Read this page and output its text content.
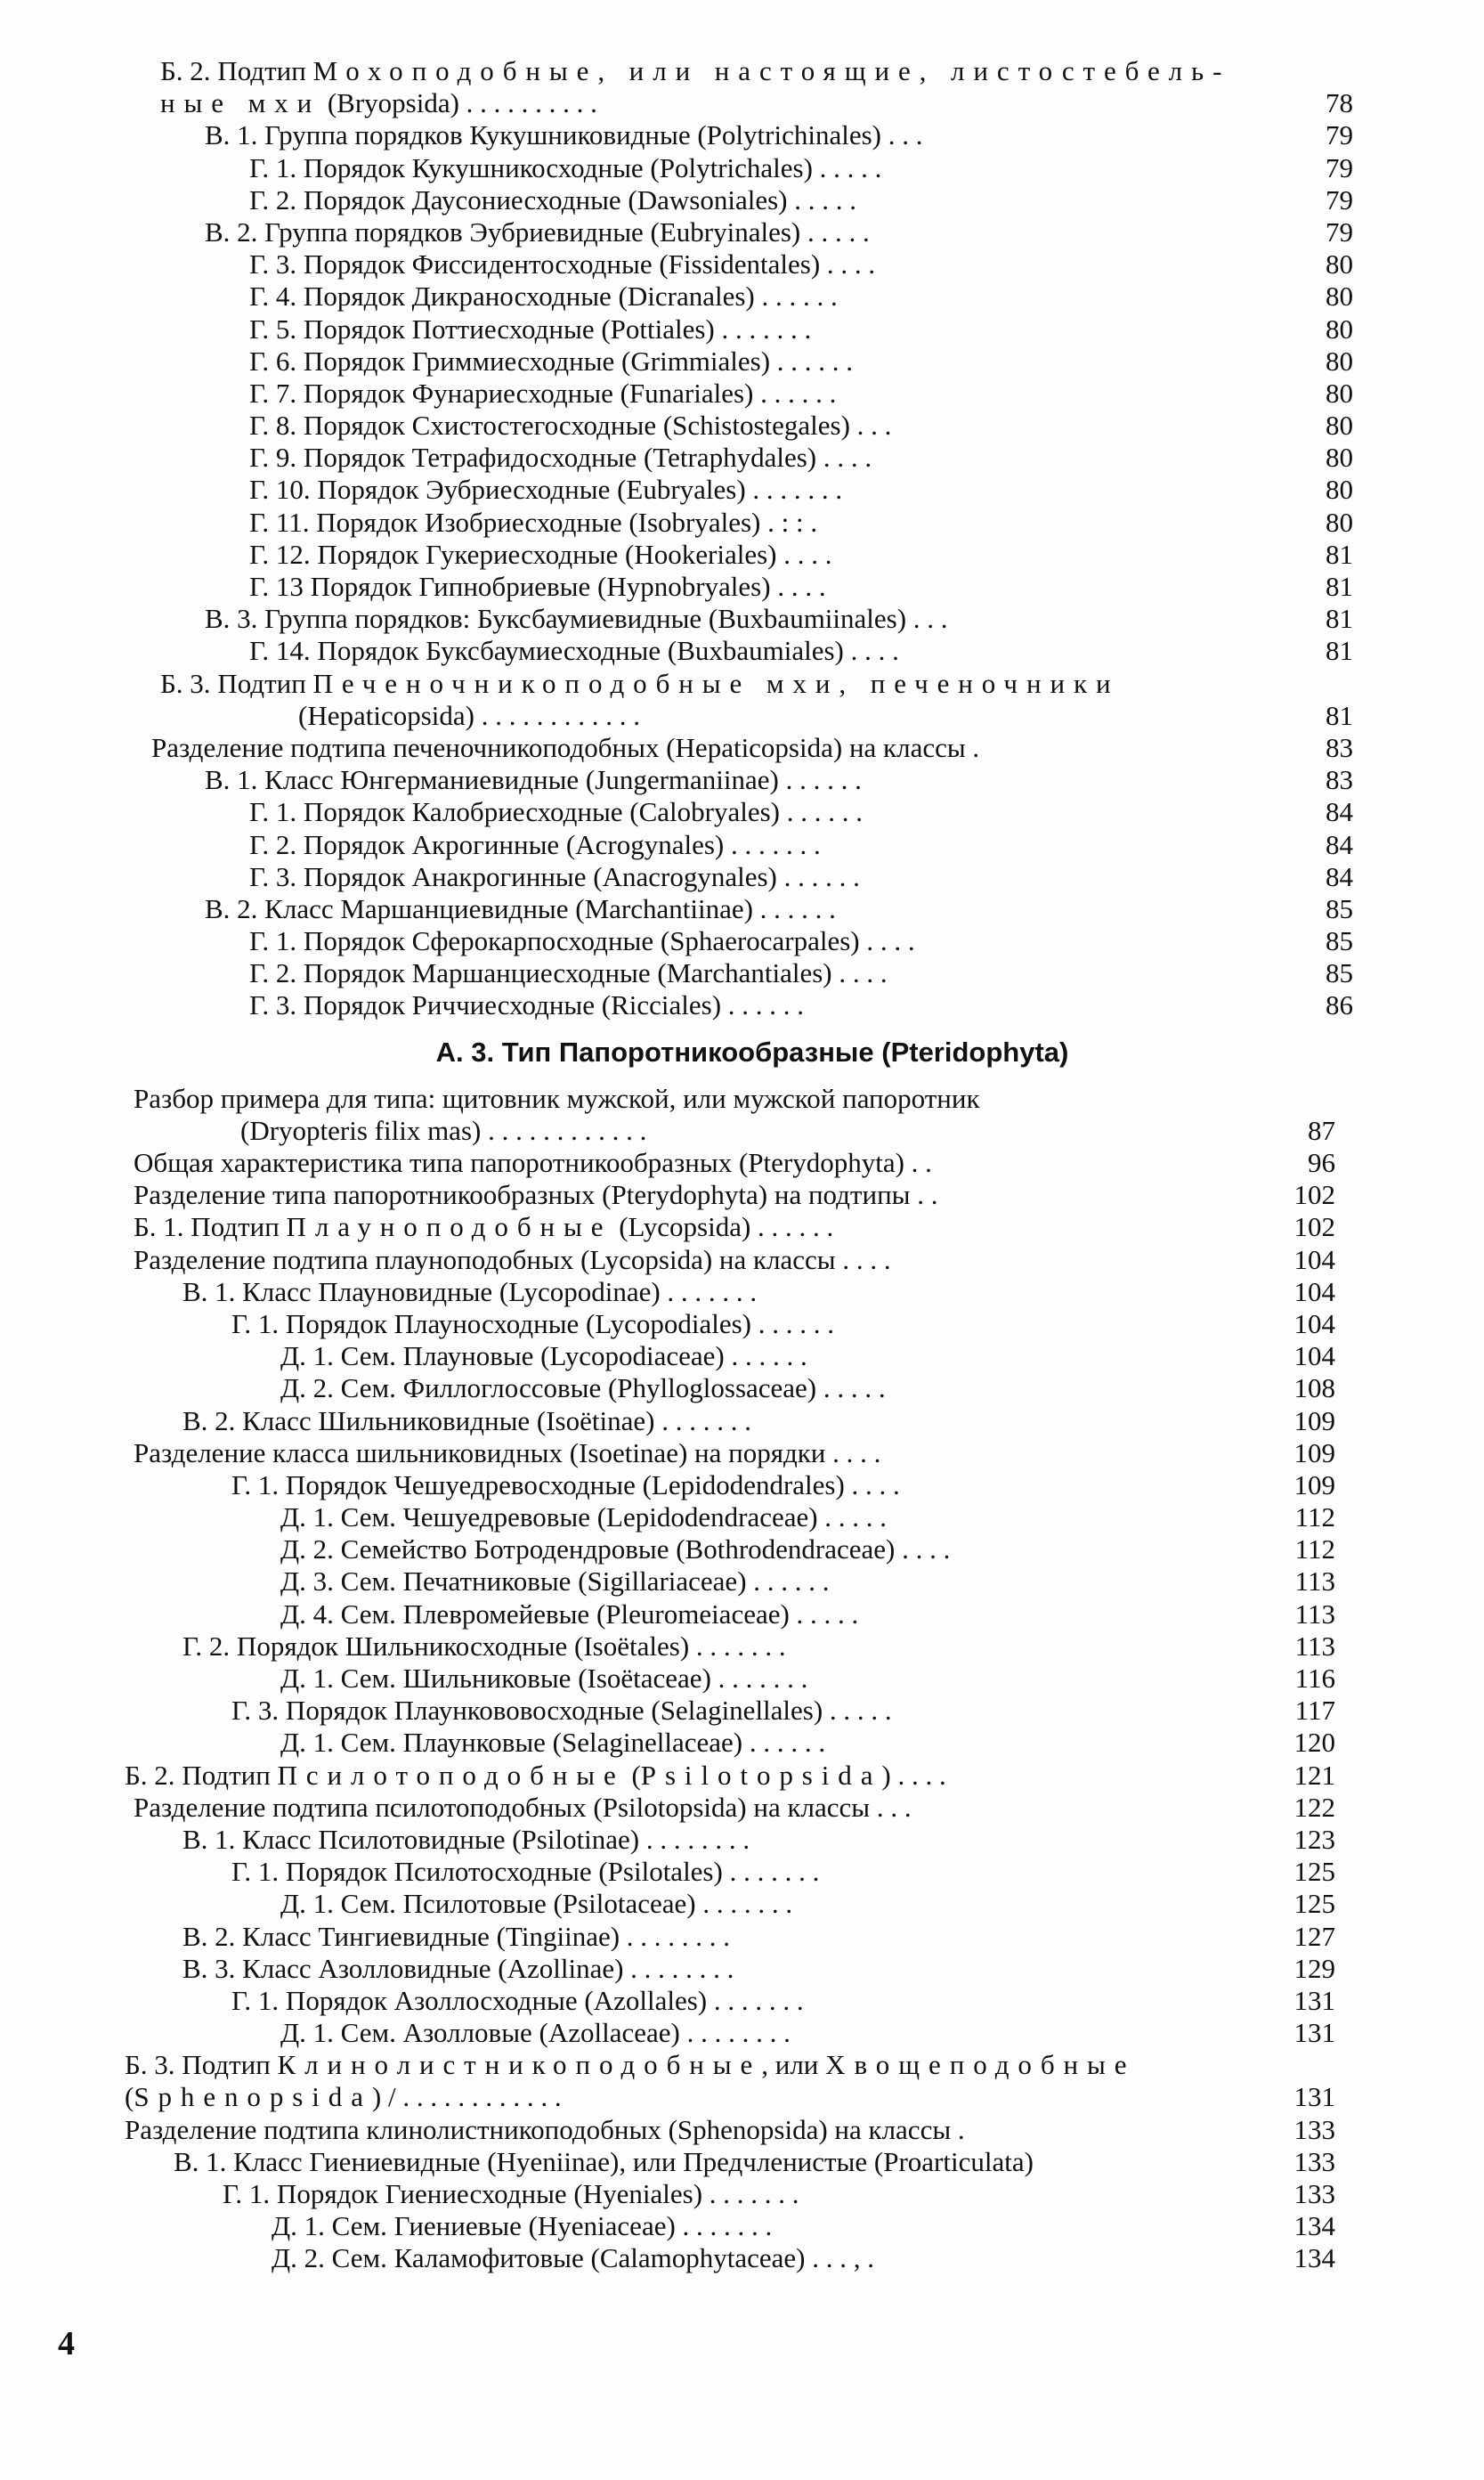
Б. 2. Подтип Мохоподобные, или настоящие, листостебель-
ные мхи (Bryopsida) . . . . . . . . . .	78
В. 1. Группа порядков Кукушниковидные (Polytrichinales) . . .	79
Г. 1. Порядок Кукушникосходные (Polytrichales) . . . . .	79
Г. 2. Порядок Даусониесходные (Dawsoniales) . . . . .	79
В. 2. Группа порядков Эубриевидные (Eubryinales) . . . . .	79
Г. 3. Порядок Фиссидентосходные (Fissidentales) . . . .	80
Г. 4. Порядок Дикраносходные (Dicranales) . . . . . .	80
Г. 5. Порядок Поттиесходные (Pottiales) . . . . . . .	80
Г. 6. Порядок Гриммиесходные (Grimmiales) . . . . . .	80
Г. 7. Порядок Фунариесходные (Funariales) . . . . . .	80
Г. 8. Порядок Схистостегосходные (Schistostegales) . . .	80
Г. 9. Порядок Тетрафидосходные (Tetraphydales) . . . .	80
Г. 10. Порядок Эубриесходные (Eubryales) . . . . . . .	80
Г. 11. Порядок Изобриесходные (Isobryales) . : : .	80
Г. 12. Порядок Гукериесходные (Hookeriales) . . . .	81
Г. 13 Порядок Гипнобриевые (Hypnobryales) . . . .	81
В. 3. Группа порядков: Буксбаумиевидные (Buxbaumiinales) . . .	81
Г. 14. Порядок Буксбаумиесходные (Buxbaumiales) . . . .	81
Б. 3. Подтип Печеночникоподобные мхи, печеночники
(Hepaticopsida) . . . . . . . . . . . .	81
Разделение подтипа печеночникоподобных (Hepaticopsida) на классы .	83
В. 1. Класс Юнгерманиевидные (Jungermaniinae) . . . . . .	83
Г. 1. Порядок Калобриесходные (Calobryales) . . . . . .	84
Г. 2. Порядок Акрогинные (Acrogynales) . . . . . . .	84
Г. 3. Порядок Анакрогинные (Anacrogynales) . . . . . .	84
В. 2. Класс Маршанциевидные (Marchantiinae) . . . . . .	85
Г. 1. Порядок Сферокарпосходные (Sphaerocarpales) . . . .	85
Г. 2. Порядок Маршанциесходные (Marchantiales) . . . .	85
Г. 3. Порядок Риччиесходные (Ricciales) . . . . . .	86
А. 3. Тип Папоротникообразные (Pteridophyta)
Разбор примера для типа: щитовник мужской, или мужской папоротник
(Dryopteris filix mas) . . . . . . . . . . . .	87
Общая характеристика типа папоротникообразных (Pterydophyta) . .	96
Разделение типа папоротникообразных (Pterydophyta) на подтипы . .	102
Б. 1. Подтип Плауноподобные (Lycopsida) . . . . . .	102
Разделение подтипа плауноподобных (Lycopsida) на классы . . . .	104
В. 1. Класс Плауновидные (Lycopodinae) . . . . . . .	104
Г. 1. Порядок Плауносходные (Lycopodiales) . . . . . .	104
Д. 1. Сем. Плауновые (Lycopodiaceae) . . . . . .	104
Д. 2. Сем. Филлоглоссовые (Phylloglossaceae) . . . . .	108
В. 2. Класс Шильниковидные (Isoëtinae) . . . . . . .	109
Разделение класса шильниковидных (Isoetinae) на порядки . . . .	109
Г. 1. Порядок Чешуедревосходные (Lepidodendrales) . . . .	109
Д. 1. Сем. Чешуедревовые (Lepidodendraceae) . . . . .	112
Д. 2. Семейство Ботродендровые (Bothrodendraceae) . . . .	112
Д. 3. Сем. Печатниковые (Sigillariaceae) . . . . . .	113
Д. 4. Сем. Плевромейевые (Pleuromeiaceae) . . . . .	113
Г. 2. Порядок Шильникосходные (Isoëtales) . . . . . . .	113
Д. 1. Сем. Шильниковые (Isoëtaceae) . . . . . . .	116
Г. 3. Порядок Плаункововосходные (Selaginellales) . . . . .	117
Д. 1. Сем. Плаунковые (Selaginellaceae) . . . . . .	120
Б. 2. Подтип Псилотоподобные (Psilotopsida) . . . .	121
Разделение подтипа псилотоподобных (Psilotopsida) на классы . . .	122
В. 1. Класс Псилотовидные (Psilotinae) . . . . . . . .	123
Г. 1. Порядок Псилотосходные (Psilotales) . . . . . . .	125
Д. 1. Сем. Псилотовые (Psilotaceae) . . . . . . .	125
В. 2. Класс Тингиевидные (Tingiinae) . . . . . . . .	127
В. 3. Класс Азолловидные (Azollinae) . . . . . . . .	129
Г. 1. Порядок Азоллосходные (Azollales) . . . . . . .	131
Д. 1. Сем. Азолловые (Azollaceae) . . . . . . . .	131
Б. 3. Подтип Клинолистникоподобные, или Хвощеподобные
(Sphenopsida) / . . . . . . . . . . . .	131
Разделение подтипа клинолистникоподобных (Sphenopsida) на классы .	133
В. 1. Класс Гиениевидные (Hyeniinae), или Предчленистые (Proarticulata)	133
Г. 1. Порядок Гиениесходные (Hyeniales) . . . . . . .	133
Д. 1. Сем. Гиениевые (Hyeniaceae) . . . . . . .	134
Д. 2. Сем. Каламофитовые (Calamophytaceae) . . . , .	134
4
